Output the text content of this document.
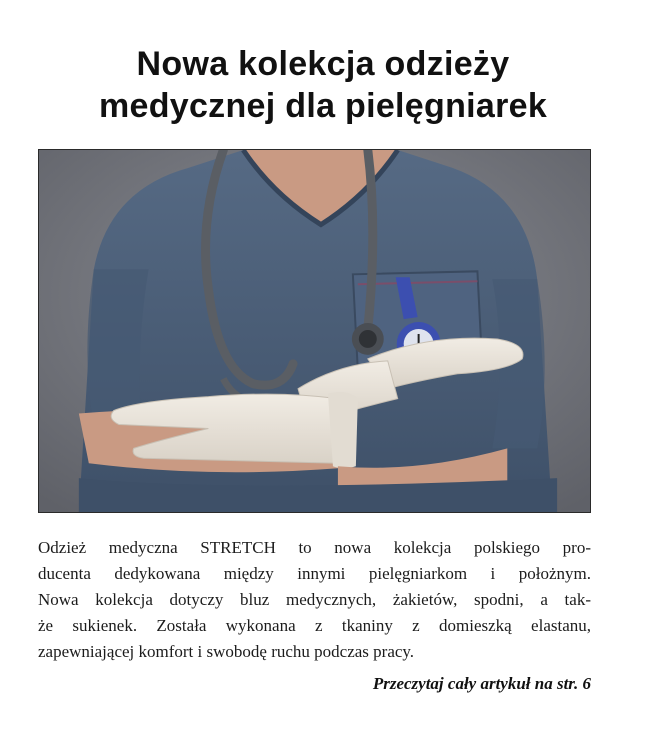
Nowa kolekcja odzieży
medycznej dla pielęgniarek

Odzież medyczna STRETCH to nowa kolekcja polskiego pro-
ducenta dedykowana między innymi pielęgniarkom i położnym.
Nowa kolekcja dotyczy bluz medycznych, żakietów, spodni, a tak-
że sukienek. Została wykonana z tkaniny z domieszką elastanu,
zapewniającej komfort i swobodę ruchu podczas pracy.

Przeczytaj cały artykuł na str. 6
